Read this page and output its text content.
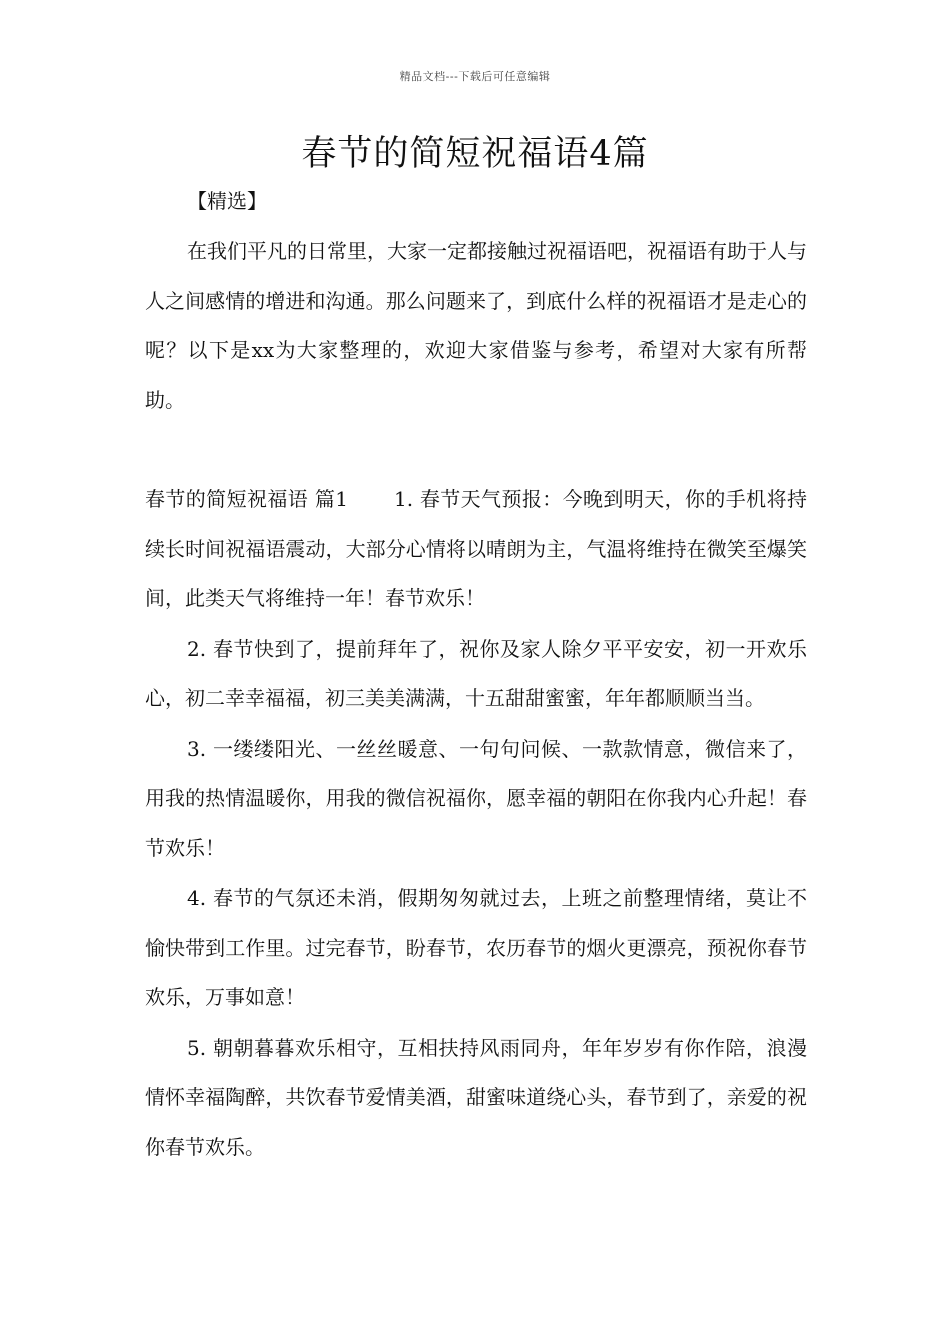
精品文档---下载后可任意编辑
春节的简短祝福语4篇
【精选】

在我们平凡的日常里，大家一定都接触过祝福语吧，祝福语有助于人与人之间感情的增进和沟通。那么问题来了，到底什么样的祝福语才是走心的呢？以下是xx为大家整理的，欢迎大家借鉴与参考，希望对大家有所帮助。

春节的简短祝福语 篇1 1. 春节天气预报：今晚到明天，你的手机将持续长时间祝福语震动，大部分心情将以晴朗为主，气温将维持在微笑至爆笑间，此类天气将维持一年！春节欢乐！

2. 春节快到了，提前拜年了，祝你及家人除夕平平安安，初一开欢乐心，初二幸幸福福，初三美美满满，十五甜甜蜜蜜，年年都顺顺当当。

3. 一缕缕阳光、一丝丝暖意、一句句问候、一款款情意，微信来了，用我的热情温暖你，用我的微信祝福你，愿幸福的朝阳在你我内心升起！春节欢乐！

4. 春节的气氛还未消，假期匆匆就过去，上班之前整理情绪，莫让不愉快带到工作里。过完春节，盼春节，农历春节的烟火更漂亮，预祝你春节欢乐，万事如意！

5. 朝朝暮暮欢乐相守，互相扶持风雨同舟，年年岁岁有你作陪，浪漫情怀幸福陶醉，共饮春节爱情美酒，甜蜜味道绕心头，春节到了，亲爱的祝你春节欢乐。
